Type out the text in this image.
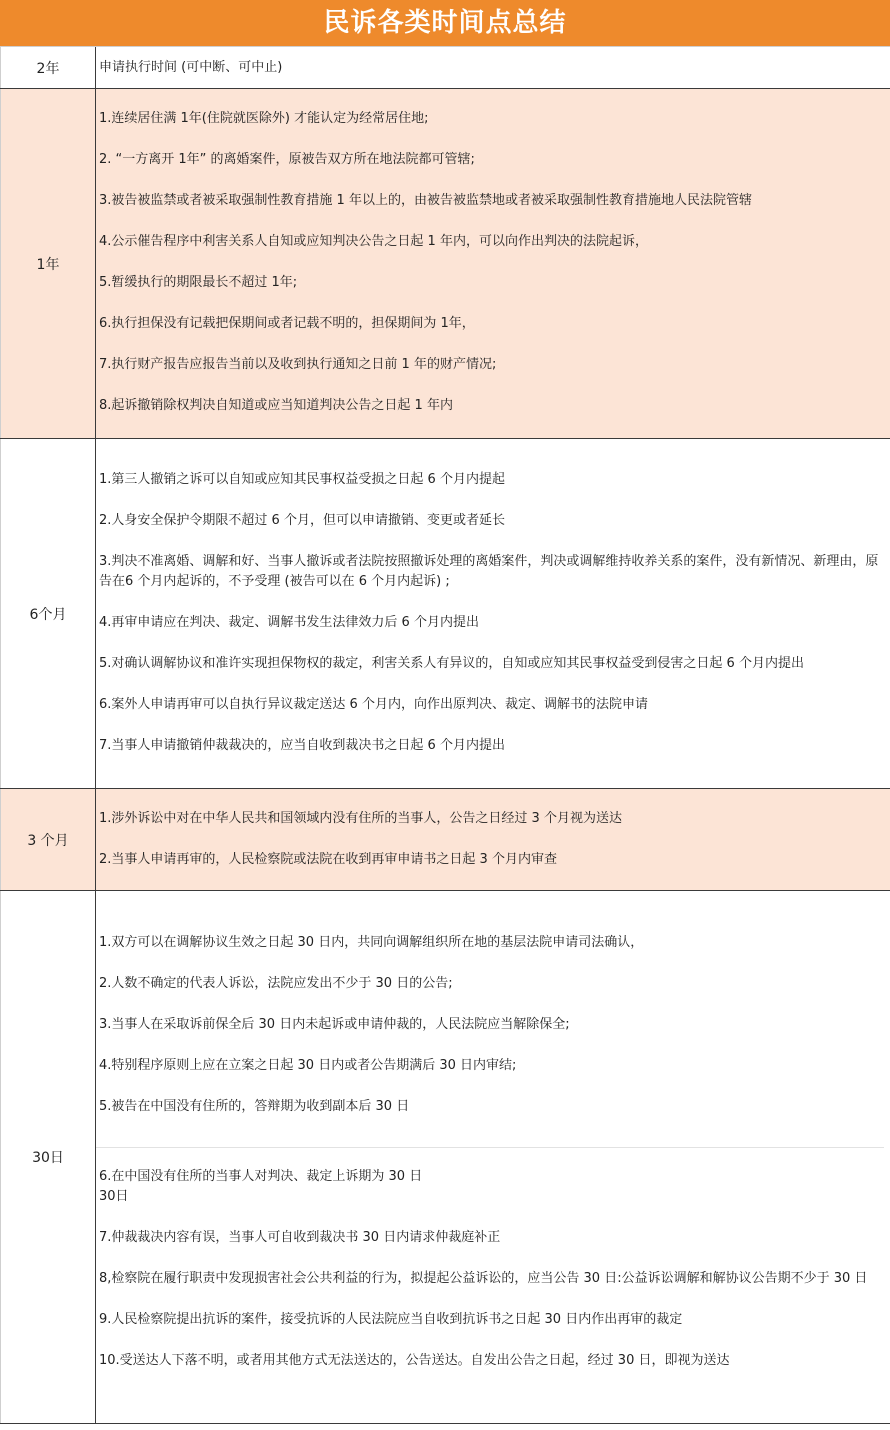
民诉各类时间点总结
2年	申请执行时间 (可中断、可中止)

1年

1.连续居住满 1年(住院就医除外) 才能认定为经常居住地;

2. “一方离开 1年” 的离婚案件，原被告双方所在地法院都可管辖;

3.被告被监禁或者被采取强制性教育措施 1 年以上的，由被告被监禁地或者被采取强制性教育措施地人民法院管辖

4.公示催告程序中利害关系人自知或应知判决公告之日起 1 年内，可以向作出判决的法院起诉，

5.暂缓执行的期限最长不超过 1年;

6.执行担保没有记载把保期间或者记载不明的，担保期间为 1年，

7.执行财产报告应报告当前以及收到执行通知之日前 1 年的财产情况;

8.起诉撤销除权判决自知道或应当知道判决公告之日起 1 年内

6个月

1.第三人撤销之诉可以自知或应知其民事权益受损之日起 6 个月内提起

2.人身安全保护令期限不超过 6 个月，但可以申请撤销、变更或者延长

3.判决不准离婚、调解和好、当事人撤诉或者法院按照撤诉处理的离婚案件，判决或调解维持收养关系的案件，没有新情况、新理由，原告在6 个月内起诉的，不予受理 (被告可以在 6 个月内起诉) ;

4.再审申请应在判决、裁定、调解书发生法律效力后 6 个月内提出

5.对确认调解协议和准许实现担保物权的裁定，利害关系人有异议的，自知或应知其民事权益受到侵害之日起 6 个月内提出

6.案外人申请再审可以自执行异议裁定送达 6 个月内，向作出原判决、裁定、调解书的法院申请

7.当事人申请撤销仲裁裁决的，应当自收到裁决书之日起 6 个月内提出

3 个月

1.涉外诉讼中对在中华人民共和国领域内没有住所的当事人，公告之日经过 3 个月视为送达

2.当事人申请再审的，人民检察院或法院在收到再审申请书之日起 3 个月内审查

30日

1.双方可以在调解协议生效之日起 30 日内，共同向调解组织所在地的基层法院申请司法确认，

2.人数不确定的代表人诉讼，法院应发出不少于 30 日的公告;

3.当事人在采取诉前保全后 30 日内未起诉或申请仲裁的，人民法院应当解除保全;

4.特别程序原则上应在立案之日起 30 日内或者公告期满后 30 日内审结;

5.被告在中国没有住所的，答辩期为收到副本后 30 日

6.在中国没有住所的当事人对判决、裁定上诉期为 30 日

30日

7.仲裁裁决内容有误，当事人可自收到裁决书 30 日内请求仲裁庭补正

8,检察院在履行职责中发现损害社会公共利益的行为，拟提起公益诉讼的，应当公告 30 日:公益诉讼调解和解协议公告期不少于 30 日

9.人民检察院提出抗诉的案件，接受抗诉的人民法院应当自收到抗诉书之日起 30 日内作出再审的裁定

10.受送达人下落不明，或者用其他方式无法送达的，公告送达。自发出公告之日起，经过 30 日，即视为送达
